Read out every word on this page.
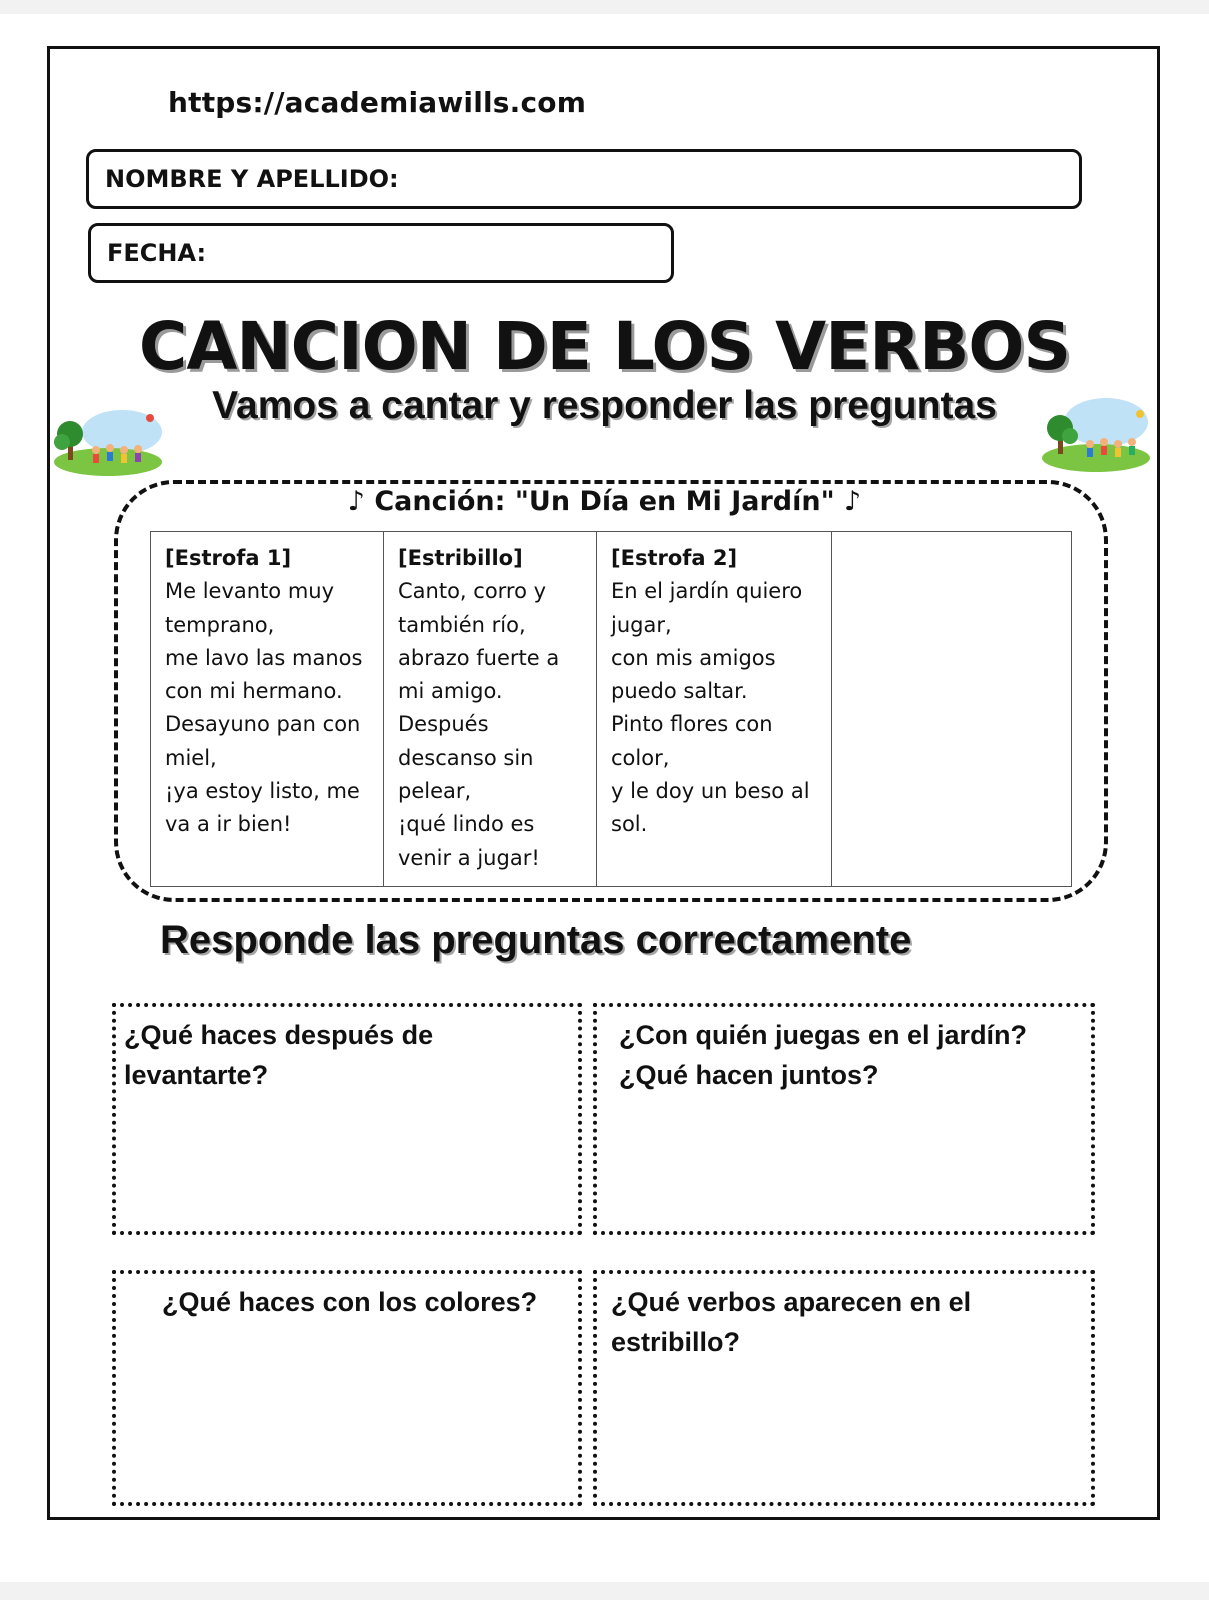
https://academiawills.com
NOMBRE Y APELLIDO:
FECHA:
CANCION DE LOS VERBOS
Vamos a cantar y responder las preguntas
♪ Canción: "Un Día en Mi Jardín" ♪
[Estrofa 1]
Me levanto muy
temprano,
me lavo las manos
con mi hermano.
Desayuno pan con
miel,
¡ya estoy listo, me
va a ir bien!
[Estribillo]
Canto, corro y
también río,
abrazo fuerte a
mi amigo.
Después
descanso sin
pelear,
¡qué lindo es
venir a jugar!
[Estrofa 2]
En el jardín quiero
jugar,
con mis amigos
puedo saltar.
Pinto flores con
color,
y le doy un beso al
sol.
Responde las preguntas correctamente
¿Qué haces después de levantarte?
¿Con quién juegas en el jardín? ¿Qué hacen juntos?
¿Qué haces con los colores?	¿Qué verbos aparecen en el estribillo?
